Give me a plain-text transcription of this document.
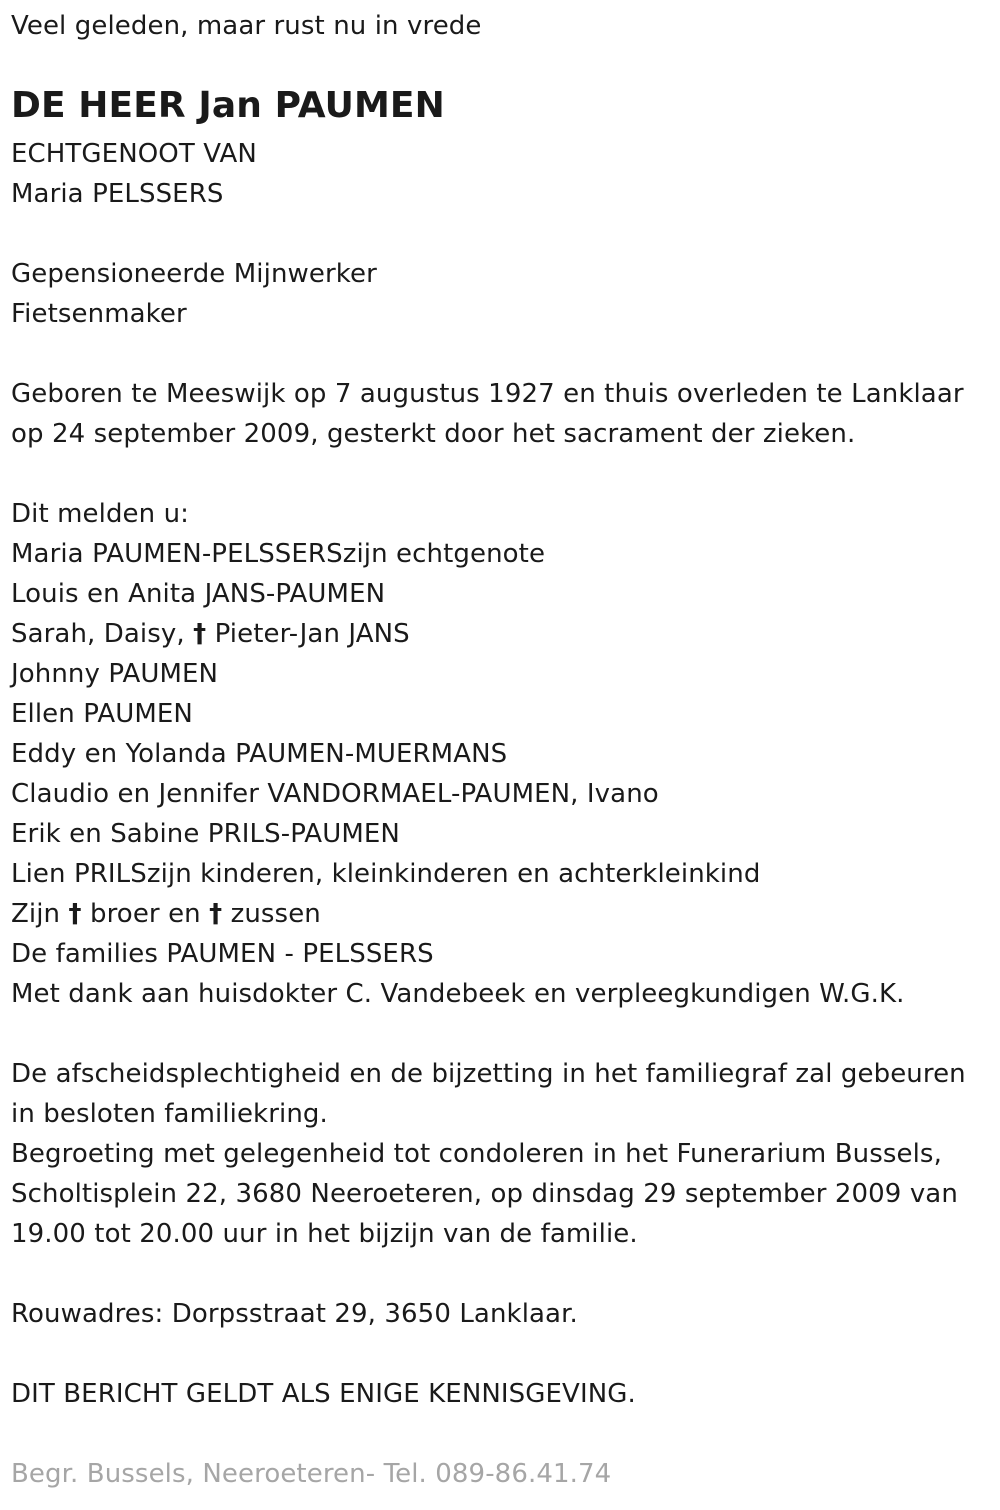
Veel geleden, maar rust nu in vrede
DE HEER Jan PAUMEN
ECHTGENOOT VAN
Maria PELSSERS
Gepensioneerde Mijnwerker
Fietsenmaker
Geboren te Meeswijk op 7 augustus 1927 en thuis overleden te Lanklaar
op 24 september 2009, gesterkt door het sacrament der zieken.
Dit melden u:
Maria PAUMEN-PELSSERSzijn echtgenote
Louis en Anita JANS-PAUMEN
Sarah, Daisy, † Pieter-Jan JANS
Johnny PAUMEN
Ellen PAUMEN
Eddy en Yolanda PAUMEN-MUERMANS
Claudio en Jennifer VANDORMAEL-PAUMEN, Ivano
Erik en Sabine PRILS-PAUMEN
Lien PRILSzijn kinderen, kleinkinderen en achterkleinkind
Zijn † broer en † zussen
De families PAUMEN - PELSSERS
Met dank aan huisdokter C. Vandebeek en verpleegkundigen W.G.K.
De afscheidsplechtigheid en de bijzetting in het familiegraf zal gebeuren
in besloten familiekring.
Begroeting met gelegenheid tot condoleren in het Funerarium Bussels,
Scholtisplein 22, 3680 Neeroeteren, op dinsdag 29 september 2009 van
19.00 tot 20.00 uur in het bijzijn van de familie.
Rouwadres: Dorpsstraat 29, 3650 Lanklaar.
DIT BERICHT GELDT ALS ENIGE KENNISGEVING.
Begr. Bussels, Neeroeteren- Tel. 089-86.41.74
